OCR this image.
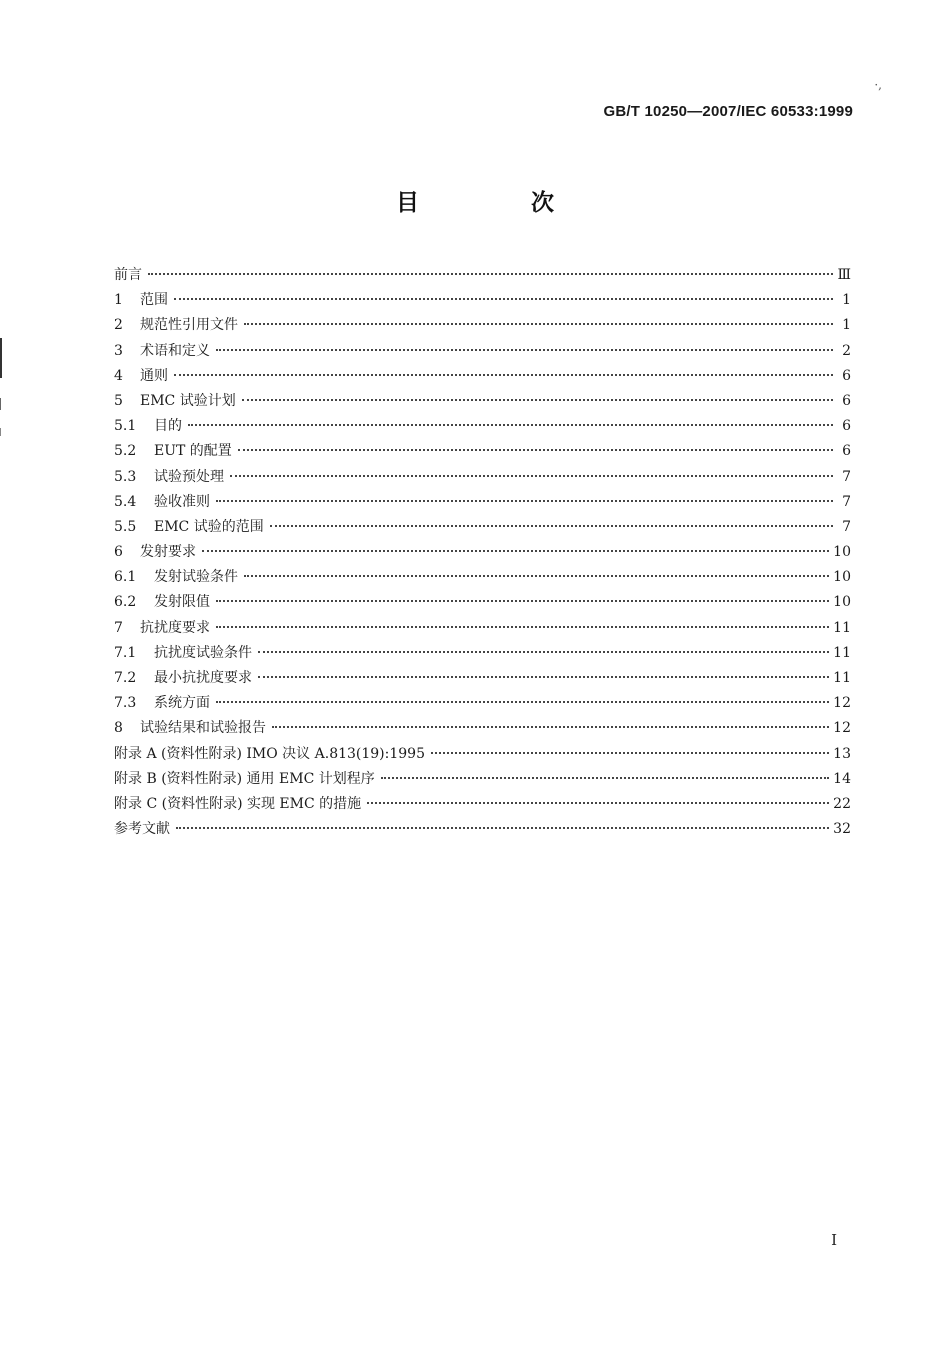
·,
GB/T 10250—2007/IEC 60533:1999
目 次
前言	Ⅲ
1	范围	1
2	规范性引用文件	1
3	术语和定义	2
4	通则	6
5	EMC 试验计划	6
5.1	目的	6
5.2	EUT 的配置	6
5.3	试验预处理	7
5.4	验收准则	7
5.5	EMC 试验的范围	7
6	发射要求	10
6.1	发射试验条件	10
6.2	发射限值	10
7	抗扰度要求	11
7.1	抗扰度试验条件	11
7.2	最小抗扰度要求	11
7.3	系统方面	12
8	试验结果和试验报告	12
附录 A (资料性附录) IMO 决议 A.813(19):1995	13
附录 B (资料性附录) 通用 EMC 计划程序	14
附录 C (资料性附录) 实现 EMC 的措施	22
参考文献	32
I
